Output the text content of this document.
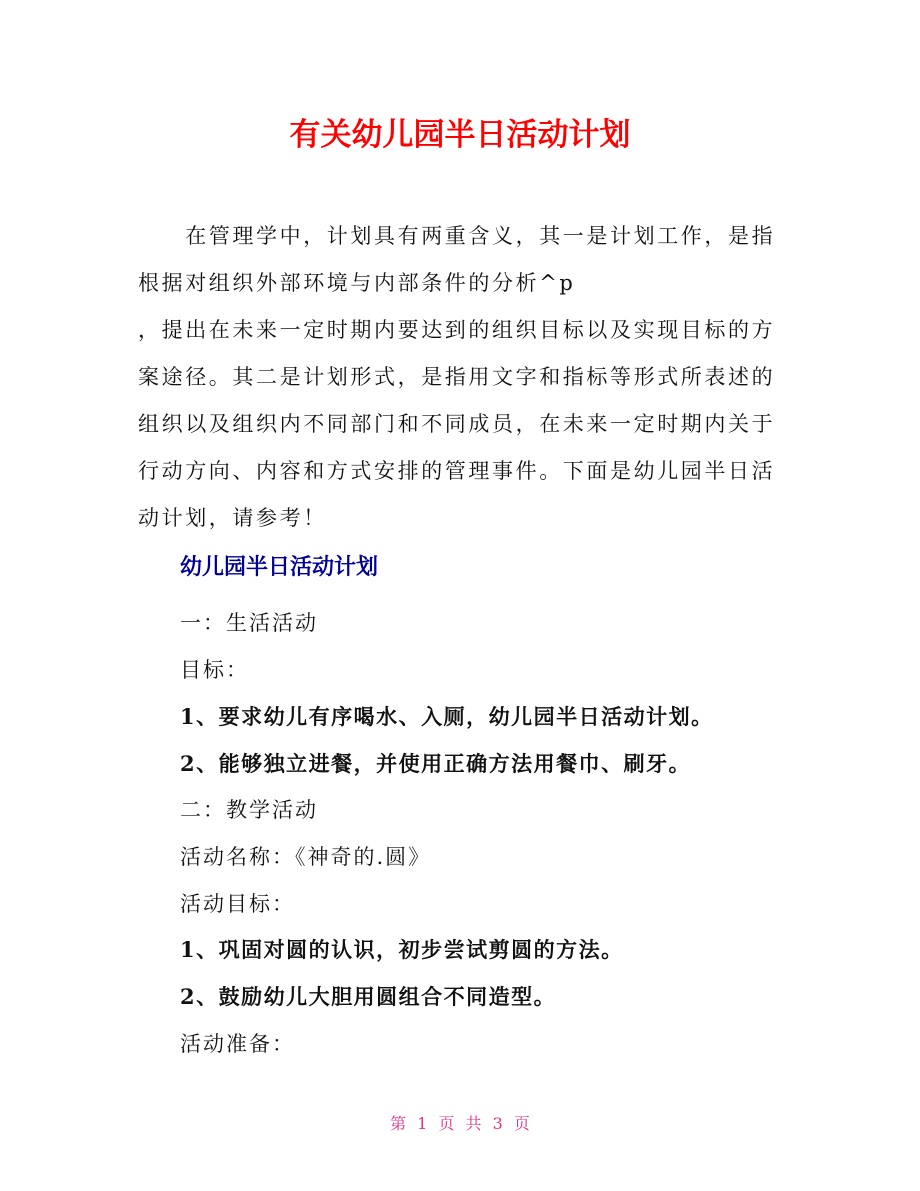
有关幼儿园半日活动计划
　　在管理学中，计划具有两重含义，其一是计划工作，是指
根据对组织外部环境与内部条件的分析^p
，提出在未来一定时期内要达到的组织目标以及实现目标的方
案途径。其二是计划形式，是指用文字和指标等形式所表述的
组织以及组织内不同部门和不同成员，在未来一定时期内关于
行动方向、内容和方式安排的管理事件。下面是幼儿园半日活
动计划，请参考！
幼儿园半日活动计划
一：生活活动
目标：
1、要求幼儿有序喝水、入厕，幼儿园半日活动计划。
2、能够独立进餐，并使用正确方法用餐巾、刷牙。
二：教学活动
活动名称：《神奇的.圆》
活动目标：
1、巩固对圆的认识，初步尝试剪圆的方法。
2、鼓励幼儿大胆用圆组合不同造型。
活动准备：
第 1 页 共 3 页
